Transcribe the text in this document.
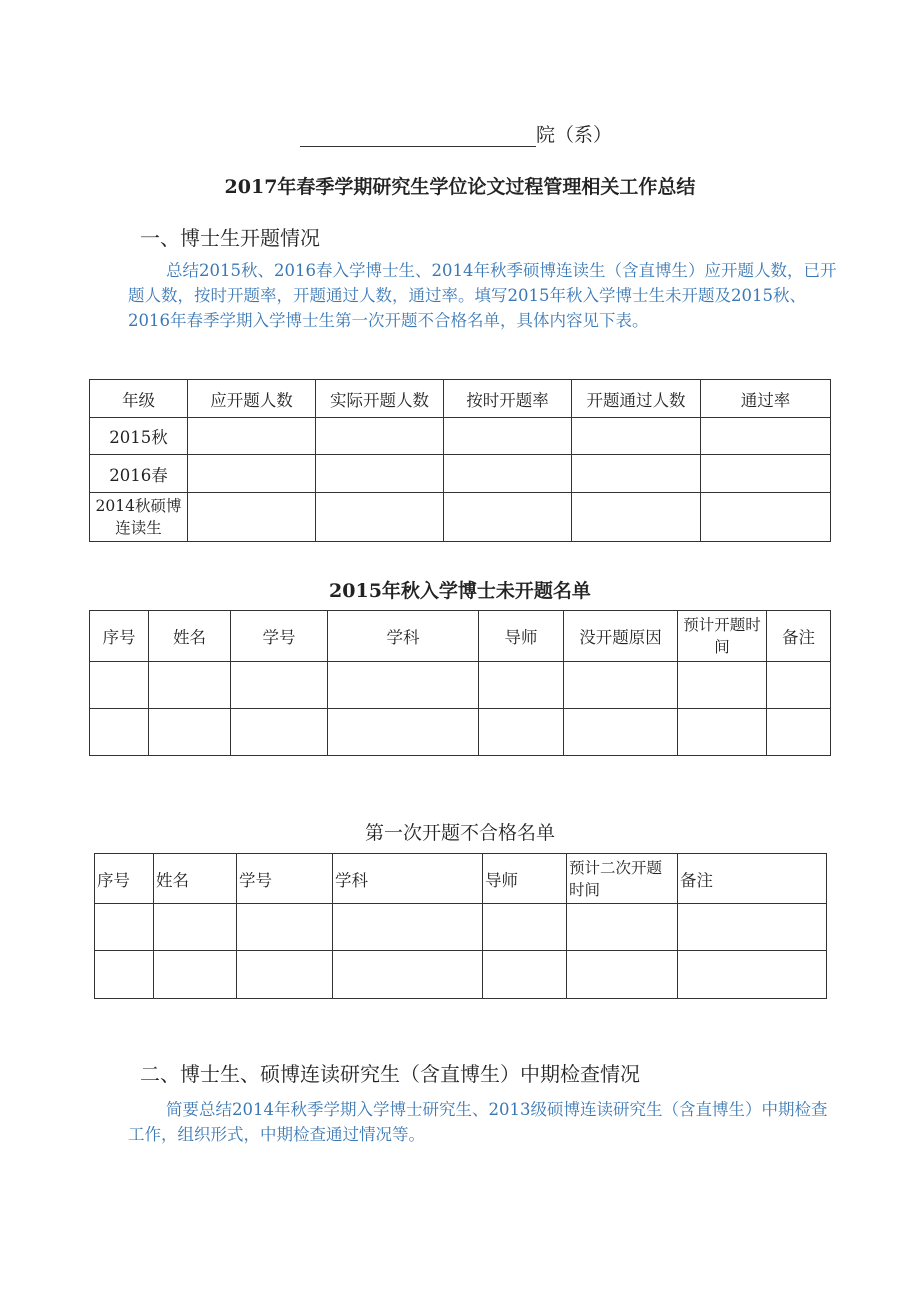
院（系）
2017年春季学期研究生学位论文过程管理相关工作总结
一、博士生开题情况
总结2015秋、2016春入学博士生、2014年秋季硕博连读生（含直博生）应开题人数，已开题人数，按时开题率，开题通过人数，通过率。填写2015年秋入学博士生未开题及2015秋、2016年春季学期入学博士生第一次开题不合格名单，具体内容见下表。
年级	应开题人数	实际开题人数	按时开题率	开题通过人数	通过率
2015秋					
2016春					
2014秋硕博连读生					
2015年秋入学博士未开题名单
序号	姓名	学号	学科	导师	没开题原因	预计开题时间	备注

第一次开题不合格名单
序号	姓名	学号	学科	导师	预计二次开题时间	备注

二、博士生、硕博连读研究生（含直博生）中期检查情况
简要总结2014年秋季学期入学博士研究生、2013级硕博连读研究生（含直博生）中期检查工作，组织形式，中期检查通过情况等。
